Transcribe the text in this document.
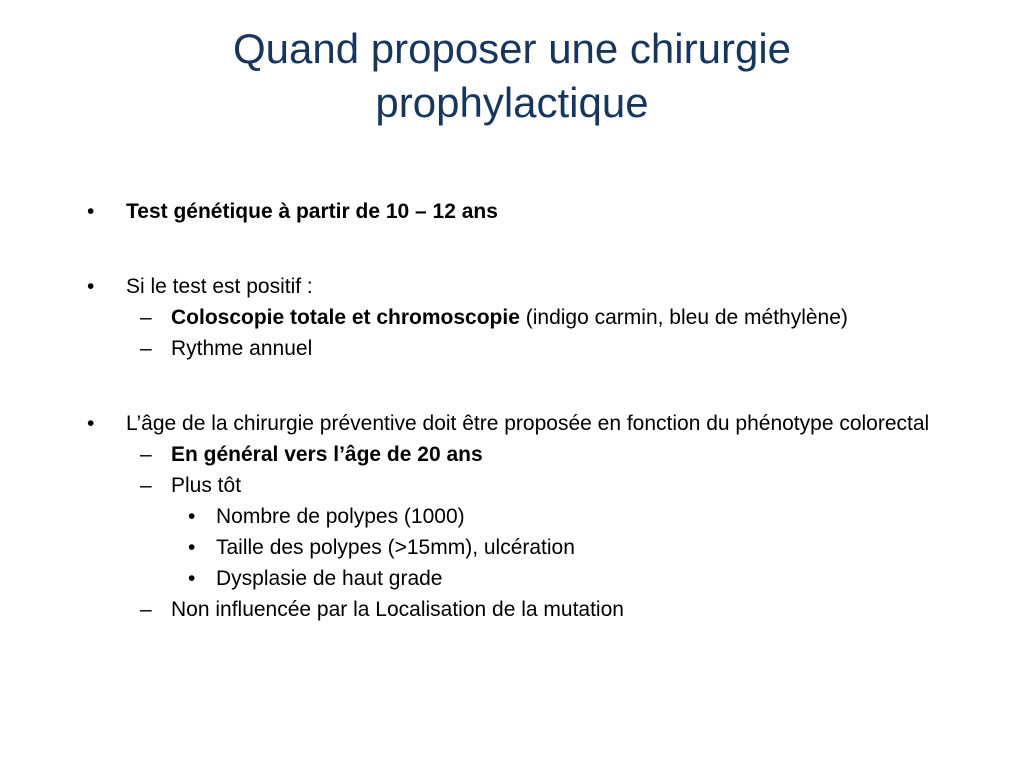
Quand proposer une chirurgie
prophylactique
• Test génétique à partir de 10 – 12 ans
• Si le test est positif :
– Coloscopie totale et chromoscopie (indigo carmin, bleu de méthylène)
– Rythme annuel
• L’âge de la chirurgie préventive doit être proposée en fonction du phénotype colorectal
– En général vers l’âge de 20 ans
– Plus tôt
• Nombre de polypes (1000)
• Taille des polypes (>15mm), ulcération
• Dysplasie de haut grade
– Non influencée par la Localisation de la mutation
